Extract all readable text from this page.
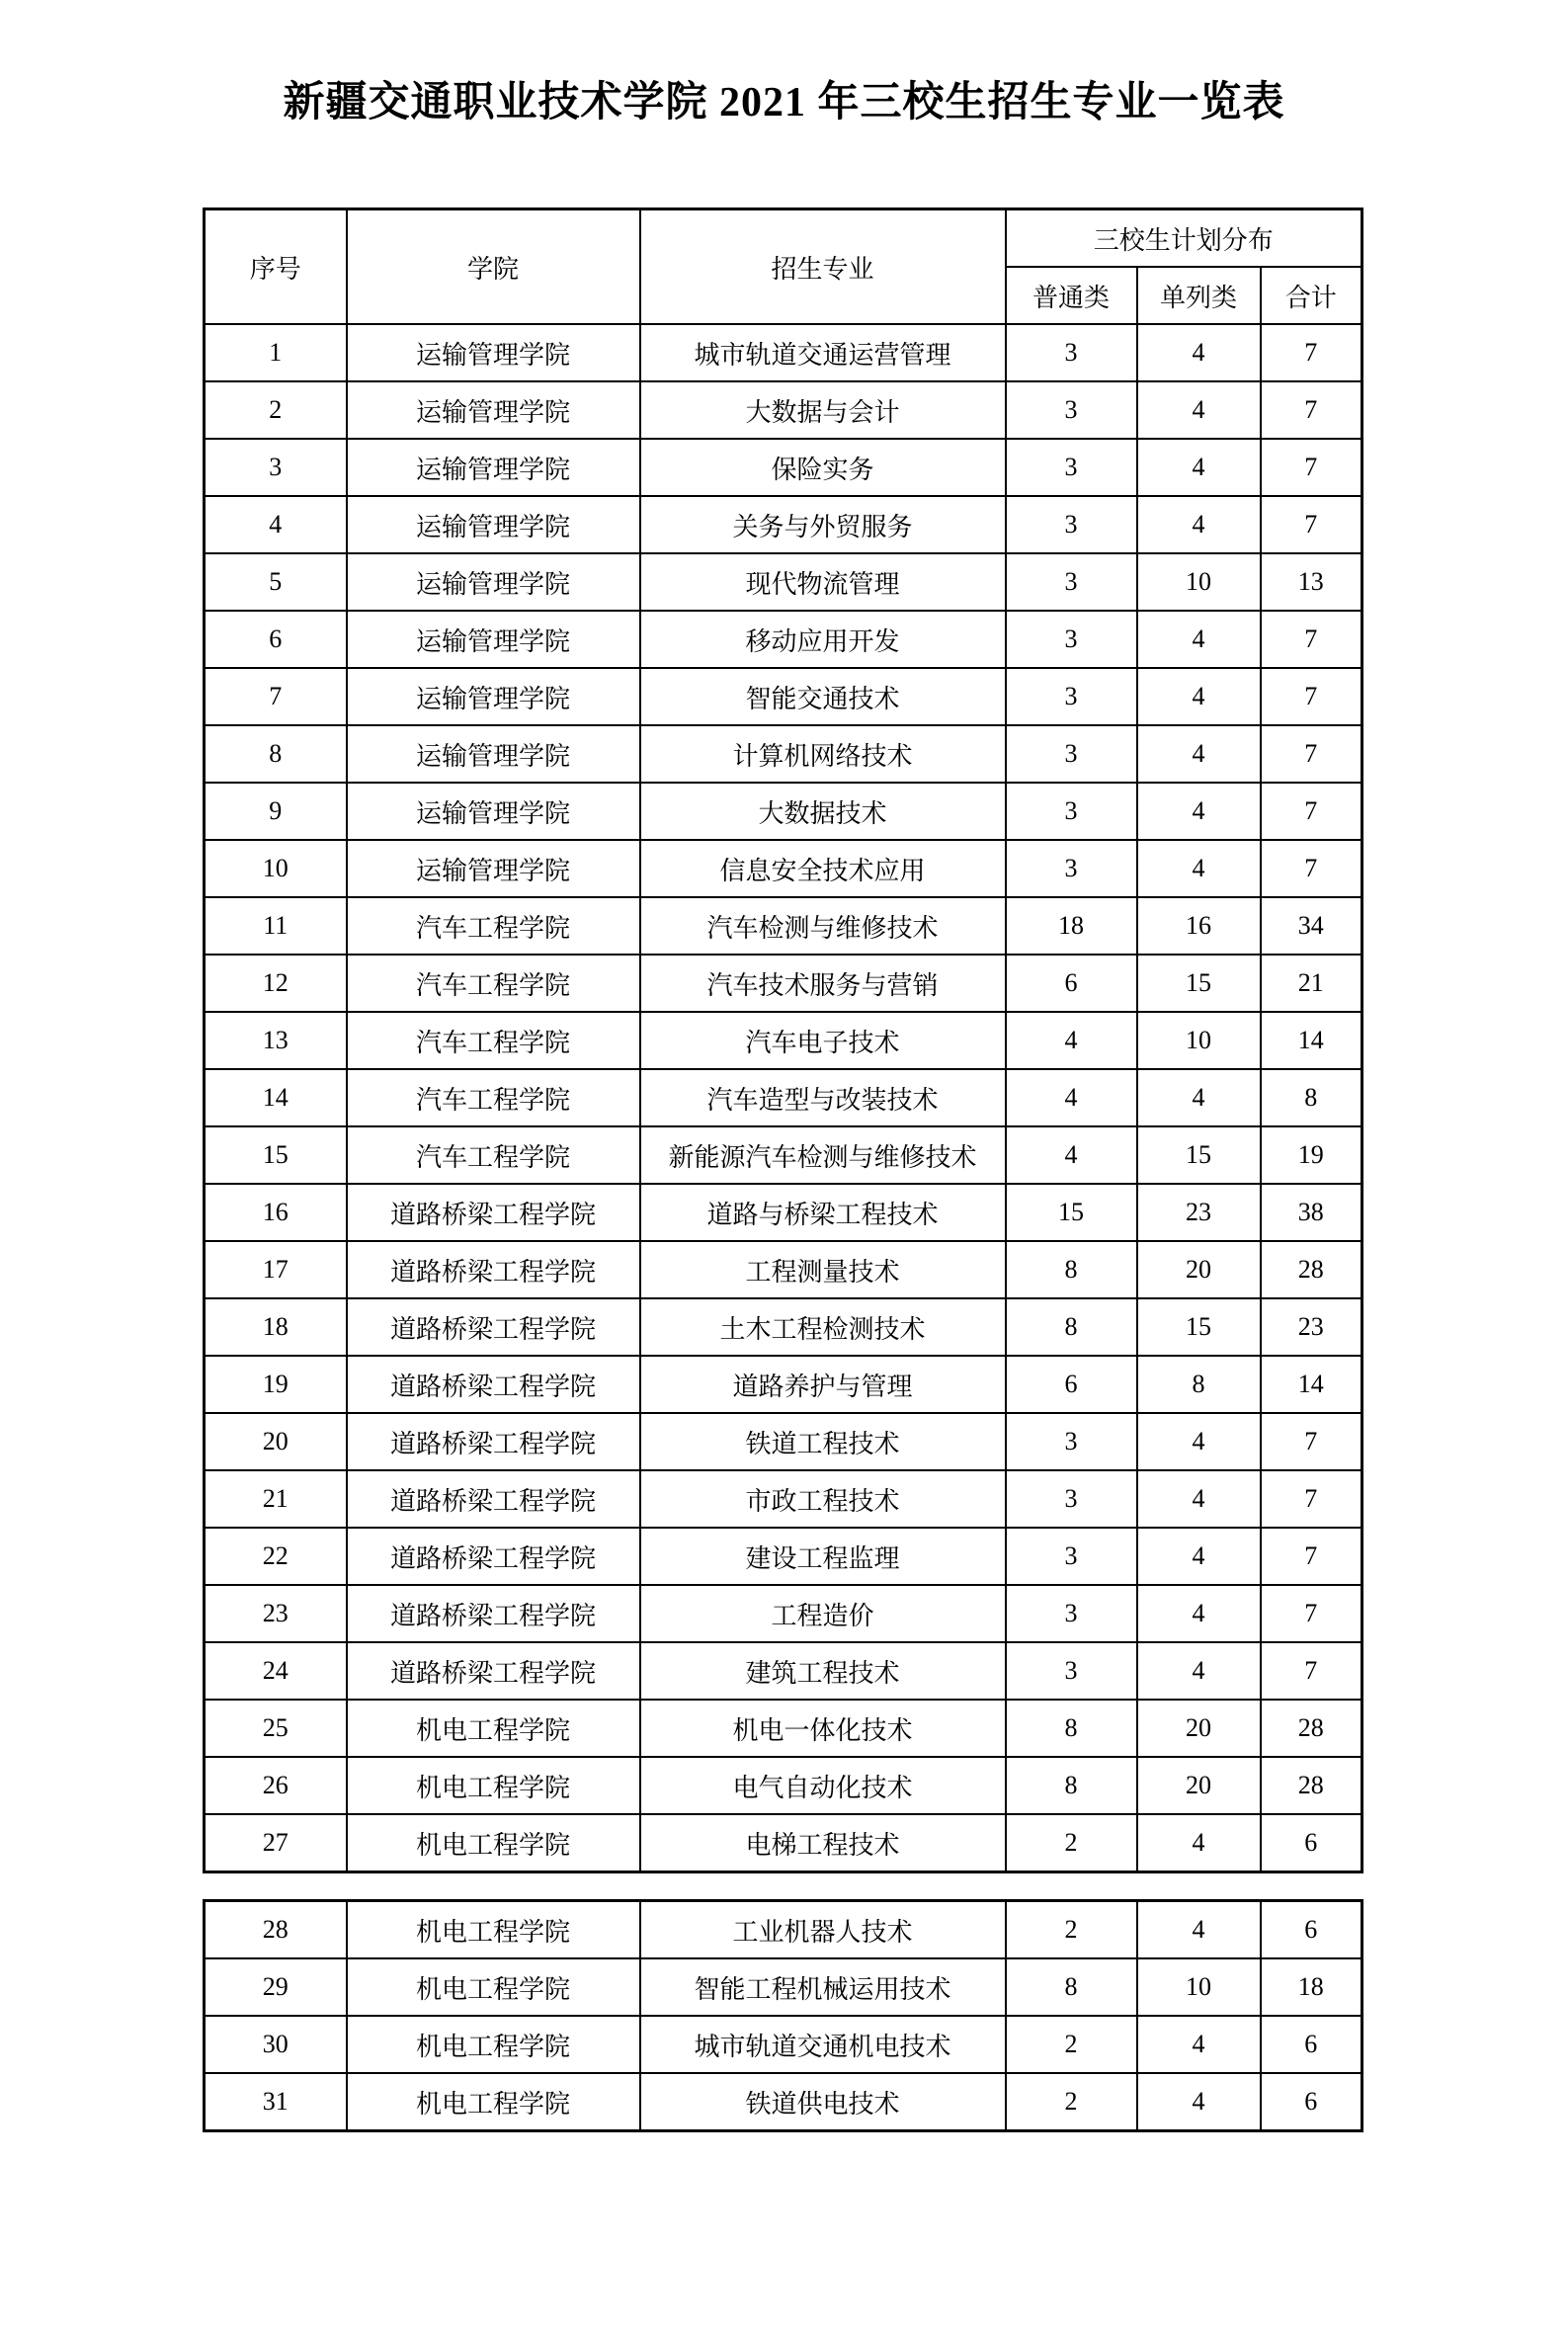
新疆交通职业技术学院 2021 年三校生招生专业一览表
序号	学院	招生专业	三校生计划分布		
			普通类	单列类	合计
1	运输管理学院	城市轨道交通运营管理	3	4	7
2	运输管理学院	大数据与会计	3	4	7
3	运输管理学院	保险实务	3	4	7
4	运输管理学院	关务与外贸服务	3	4	7
5	运输管理学院	现代物流管理	3	10	13
6	运输管理学院	移动应用开发	3	4	7
7	运输管理学院	智能交通技术	3	4	7
8	运输管理学院	计算机网络技术	3	4	7
9	运输管理学院	大数据技术	3	4	7
10	运输管理学院	信息安全技术应用	3	4	7
11	汽车工程学院	汽车检测与维修技术	18	16	34
12	汽车工程学院	汽车技术服务与营销	6	15	21
13	汽车工程学院	汽车电子技术	4	10	14
14	汽车工程学院	汽车造型与改装技术	4	4	8
15	汽车工程学院	新能源汽车检测与维修技术	4	15	19
16	道路桥梁工程学院	道路与桥梁工程技术	15	23	38
17	道路桥梁工程学院	工程测量技术	8	20	28
18	道路桥梁工程学院	土木工程检测技术	8	15	23
19	道路桥梁工程学院	道路养护与管理	6	8	14
20	道路桥梁工程学院	铁道工程技术	3	4	7
21	道路桥梁工程学院	市政工程技术	3	4	7
22	道路桥梁工程学院	建设工程监理	3	4	7
23	道路桥梁工程学院	工程造价	3	4	7
24	道路桥梁工程学院	建筑工程技术	3	4	7
25	机电工程学院	机电一体化技术	8	20	28
26	机电工程学院	电气自动化技术	8	20	28
27	机电工程学院	电梯工程技术	2	4	6
28	机电工程学院	工业机器人技术	2	4	6
29	机电工程学院	智能工程机械运用技术	8	10	18
30	机电工程学院	城市轨道交通机电技术	2	4	6
31	机电工程学院	铁道供电技术	2	4	6
